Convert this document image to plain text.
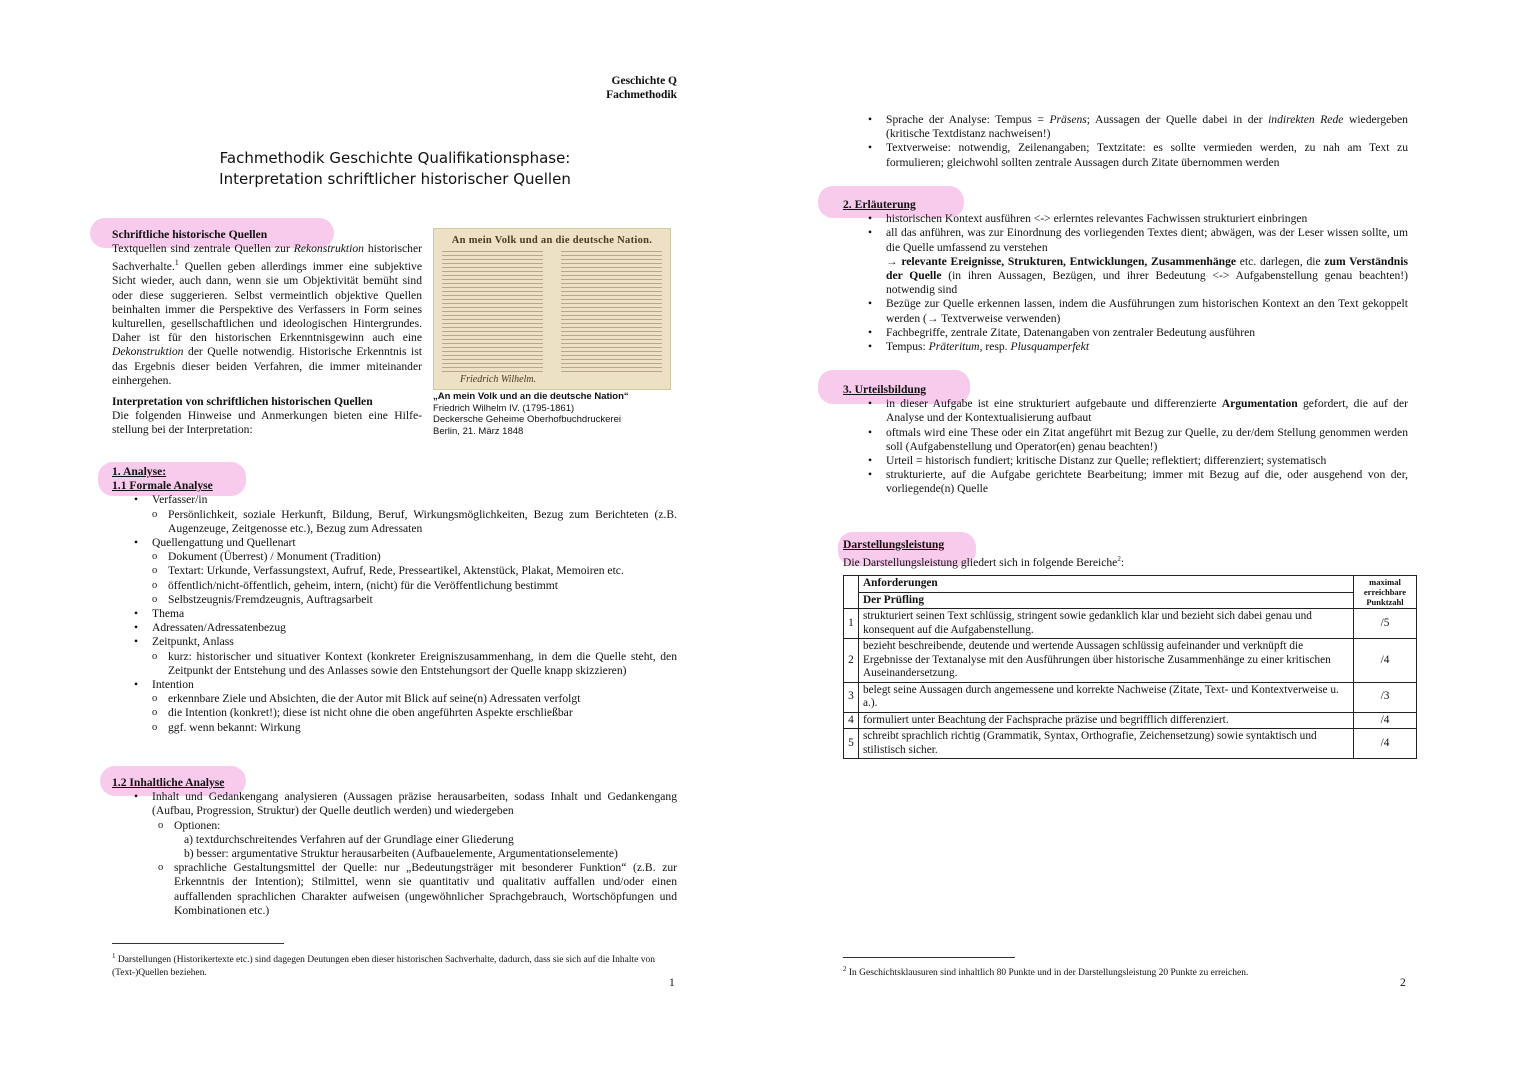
Geschichte Q
Fachmethodik
Fachmethodik Geschichte Qualifikationsphase:
Interpretation schriftlicher historischer Quellen
Schriftliche historische Quellen
Textquellen sind zentrale Quellen zur Rekonstruktion historischer Sachverhalte.$^1$ Quellen geben allerdings immer eine subjektive Sicht wieder, auch dann, wenn sie um Objektivität bemüht sind oder diese suggerieren. Selbst vermeintlich objektive Quellen beinhalten immer die Perspektive des Verfassers in Form seines kulturellen, gesellschaftlichen und ideologischen Hintergrundes. Daher ist für den historischen Erkenntnisgewinn auch eine Dekonstruktion der Quelle notwendig. Historische Erkenntnis ist das Ergebnis dieser beiden Verfahren, die immer miteinander einhergehen.
Interpretation von schriftlichen historischen Quellen
Die folgenden Hinweise und Anmerkungen bieten eine Hilfestellung bei der Interpretation:
An mein Volk und an die deutsche Nation.
Friedrich Wilhelm.
„An mein Volk und an die deutsche Nation“
Friedrich Wilhelm IV. (1795-1861)
Deckersche Geheime Oberhofbuchdruckerei
Berlin, 21. März 1848
1. Analyse:
1.1 Formale Analyse
• Verfasser/in
o Persönlichkeit, soziale Herkunft, Bildung, Beruf, Wirkungsmöglichkeiten, Bezug zum Berichteten (z.B. Augenzeuge, Zeitgenosse etc.), Bezug zum Adressaten
• Quellengattung und Quellenart
o Dokument (Überrest) / Monument (Tradition)
o Textart: Urkunde, Verfassungstext, Aufruf, Rede, Presseartikel, Aktenstück, Plakat, Memoiren etc.
o öffentlich/nicht-öffentlich, geheim, intern, (nicht) für die Veröffentlichung bestimmt
o Selbstzeugnis/Fremdzeugnis, Auftragsarbeit
• Thema
• Adressaten/Adressatenbezug
• Zeitpunkt, Anlass
o kurz: historischer und situativer Kontext (konkreter Ereigniszusammenhang, in dem die Quelle steht, den Zeitpunkt der Entstehung und des Anlasses sowie den Entstehungsort der Quelle knapp skizzieren)
• Intention
o erkennbare Ziele und Absichten, die der Autor mit Blick auf seine(n) Adressaten verfolgt
o die Intention (konkret!); diese ist nicht ohne die oben angeführten Aspekte erschließbar
o ggf. wenn bekannt: Wirkung
1.2 Inhaltliche Analyse
• Inhalt und Gedankengang analysieren (Aussagen präzise herausarbeiten, sodass Inhalt und Gedankengang (Aufbau, Progression, Struktur) der Quelle deutlich werden) und wiedergeben
o Optionen:
a) textdurchschreitendes Verfahren auf der Grundlage einer Gliederung
b) besser: argumentative Struktur herausarbeiten (Aufbauelemente, Argumentationselemente)
o sprachliche Gestaltungsmittel der Quelle: nur „Bedeutungsträger mit besonderer Funktion“ (z.B. zur Erkenntnis der Intention); Stilmittel, wenn sie quantitativ und qualitativ auffallen und/oder einen auffallenden sprachlichen Charakter aufweisen (ungewöhnlicher Sprachgebrauch, Wortschöpfungen und Kombinationen etc.)
$^1$ Darstellungen (Historikertexte etc.) sind dagegen Deutungen eben dieser historischen Sachverhalte, dadurch, dass sie sich auf die Inhalte von (Text-)Quellen beziehen.
1
• Sprache der Analyse: Tempus = Präsens; Aussagen der Quelle dabei in der indirekten Rede wiedergeben (kritische Textdistanz nachweisen!)
• Textverweise: notwendig, Zeilenangaben; Textzitate: es sollte vermieden werden, zu nah am Text zu formulieren; gleichwohl sollten zentrale Aussagen durch Zitate übernommen werden
2. Erläuterung
• historischen Kontext ausführen <-> erlerntes relevantes Fachwissen strukturiert einbringen
• all das anführen, was zur Einordnung des vorliegenden Textes dient; abwägen, was der Leser wissen sollte, um die Quelle umfassend zu verstehen
→ relevante Ereignisse, Strukturen, Entwicklungen, Zusammenhänge etc. darlegen, die zum Verständnis der Quelle (in ihren Aussagen, Bezügen, und ihrer Bedeutung <-> Aufgabenstellung genau beachten!) notwendig sind
• Bezüge zur Quelle erkennen lassen, indem die Ausführungen zum historischen Kontext an den Text gekoppelt werden (→ Textverweise verwenden)
• Fachbegriffe, zentrale Zitate, Datenangaben von zentraler Bedeutung ausführen
• Tempus: Präteritum, resp. Plusquamperfekt
3. Urteilsbildung
• in dieser Aufgabe ist eine strukturiert aufgebaute und differenzierte Argumentation gefordert, die auf der Analyse und der Kontextualisierung aufbaut
• oftmals wird eine These oder ein Zitat angeführt mit Bezug zur Quelle, zu der/dem Stellung genommen werden soll (Aufgabenstellung und Operator(en) genau beachten!)
• Urteil = historisch fundiert; kritische Distanz zur Quelle; reflektiert; differenziert; systematisch
• strukturierte, auf die Aufgabe gerichtete Bearbeitung; immer mit Bezug auf die, oder ausgehend von der, vorliegende(n) Quelle
Darstellungsleistung
Die Darstellungsleistung gliedert sich in folgende Bereiche$^2$:
	Anforderungen	maximal erreichbare Punktzahl
	Der Prüfling	
1	strukturiert seinen Text schlüssig, stringent sowie gedanklich klar und bezieht sich dabei genau und konsequent auf die Aufgabenstellung.	/5
2	bezieht beschreibende, deutende und wertende Aussagen schlüssig aufeinander und verknüpft die Ergebnisse der Textanalyse mit den Ausführungen über historische Zusammenhänge zu einer kritischen Auseinandersetzung.	/4
3	belegt seine Aussagen durch angemessene und korrekte Nachweise (Zitate, Text- und Kontextverweise u. a.).	/3
4	formuliert unter Beachtung der Fachsprache präzise und begrifflich differenziert.	/4
5	schreibt sprachlich richtig (Grammatik, Syntax, Orthografie, Zeichensetzung) sowie syntaktisch und stilistisch sicher.	/4
$^2$ In Geschichtsklausuren sind inhaltlich 80 Punkte und in der Darstellungsleistung 20 Punkte zu erreichen.
2
